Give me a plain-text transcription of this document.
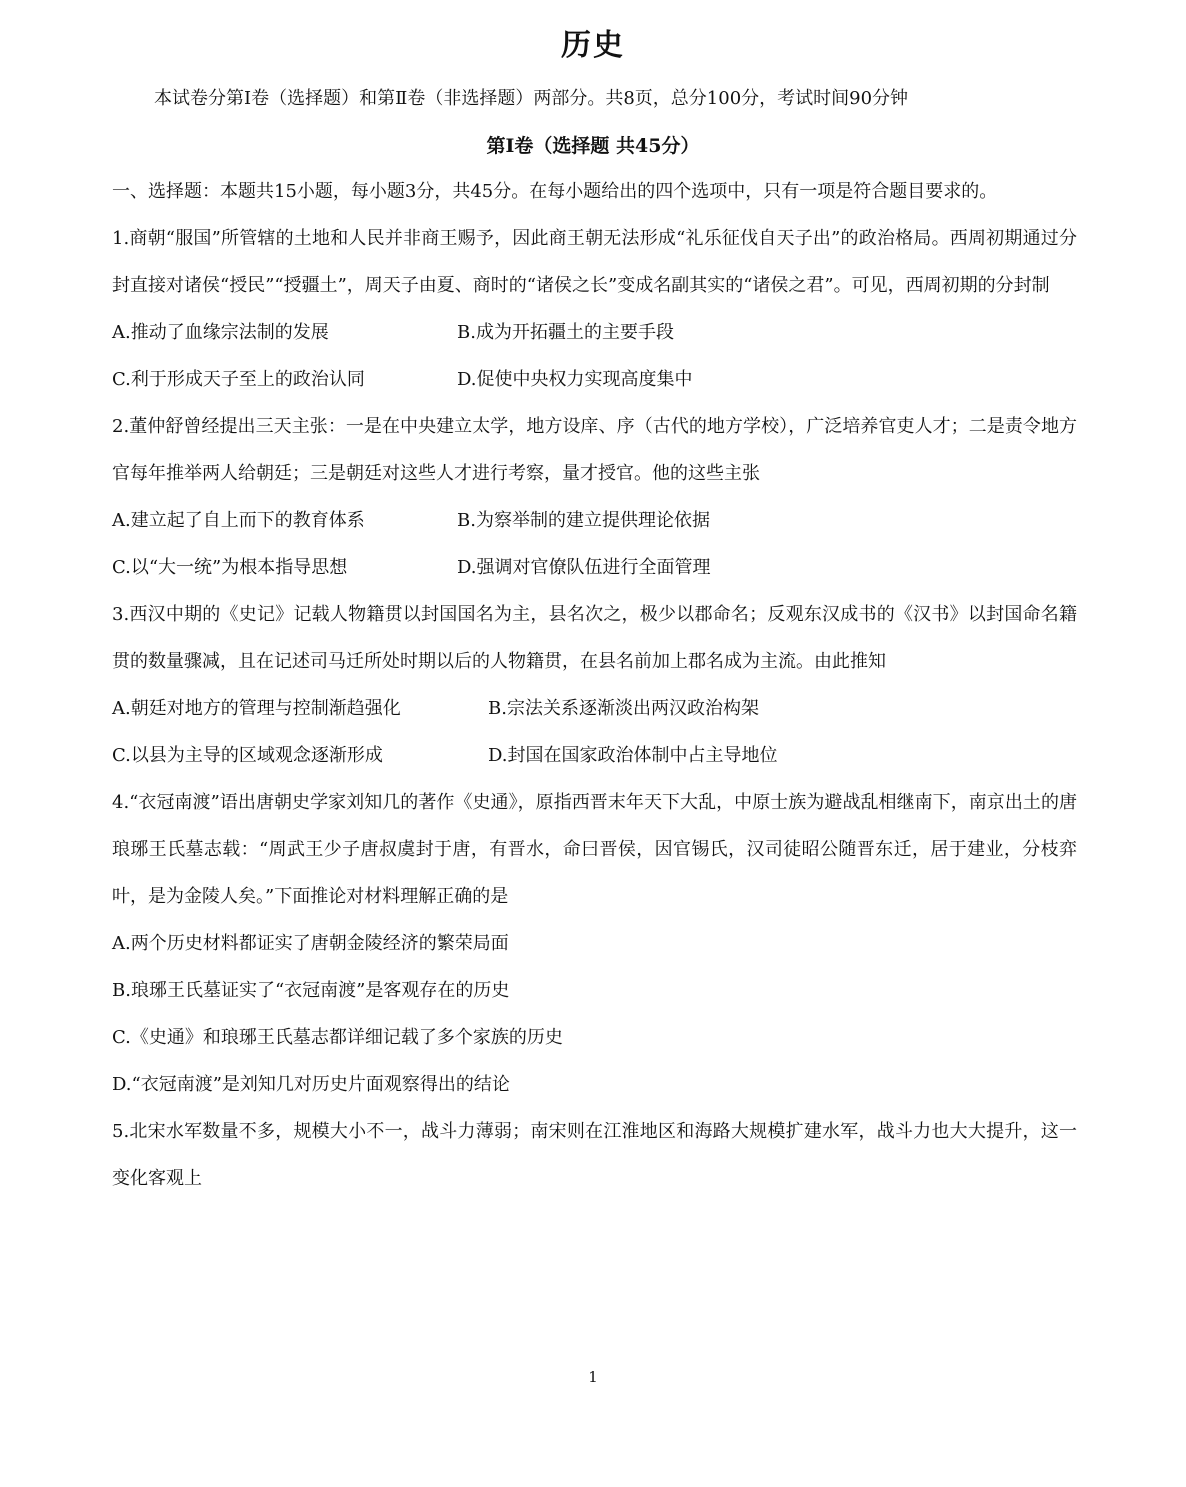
历史
本试卷分第Ⅰ卷（选择题）和第Ⅱ卷（非选择题）两部分。共8页，总分100分，考试时间90分钟
第Ⅰ卷（选择题 共45分）

一、选择题：本题共15小题，每小题3分，共45分。在每小题给出的四个选项中，只有一项是符合题目要求的。

1.商朝“服国”所管辖的土地和人民并非商王赐予，因此商王朝无法形成“礼乐征伐自天子出”的政治格局。西周初期通过分封直接对诸侯“授民”“授疆土”，周天子由夏、商时的“诸侯之长”变成名副其实的“诸侯之君”。可见，西周初期的分封制

A.推动了血缘宗法制的发展	B.成为开拓疆土的主要手段
C.利于形成天子至上的政治认同	D.促使中央权力实现高度集中

2.董仲舒曾经提出三天主张：一是在中央建立太学，地方设庠、序（古代的地方学校），广泛培养官吏人才；二是责令地方官每年推举两人给朝廷；三是朝廷对这些人才进行考察，量才授官。他的这些主张

A.建立起了自上而下的教育体系	B.为察举制的建立提供理论依据
C.以“大一统”为根本指导思想	D.强调对官僚队伍进行全面管理

3.西汉中期的《史记》记载人物籍贯以封国国名为主，县名次之，极少以郡命名；反观东汉成书的《汉书》以封国命名籍贯的数量骤减，且在记述司马迁所处时期以后的人物籍贯，在县名前加上郡名成为主流。由此推知

A.朝廷对地方的管理与控制渐趋强化	B.宗法关系逐渐淡出两汉政治构架
C.以县为主导的区域观念逐渐形成	D.封国在国家政治体制中占主导地位

4.“衣冠南渡”语出唐朝史学家刘知几的著作《史通》，原指西晋末年天下大乱，中原士族为避战乱相继南下，南京出土的唐琅琊王氏墓志载：“周武王少子唐叔虞封于唐，有晋水，命曰晋侯，因官锡氏，汉司徒昭公随晋东迁，居于建业，分枝弈叶，是为金陵人矣。”下面推论对材料理解正确的是

A.两个历史材料都证实了唐朝金陵经济的繁荣局面
B.琅琊王氏墓证实了“衣冠南渡”是客观存在的历史
C.《史通》和琅琊王氏墓志都详细记载了多个家族的历史
D.“衣冠南渡”是刘知几对历史片面观察得出的结论

5.北宋水军数量不多，规模大小不一，战斗力薄弱；南宋则在江淮地区和海路大规模扩建水军，战斗力也大大提升，这一变化客观上

1
